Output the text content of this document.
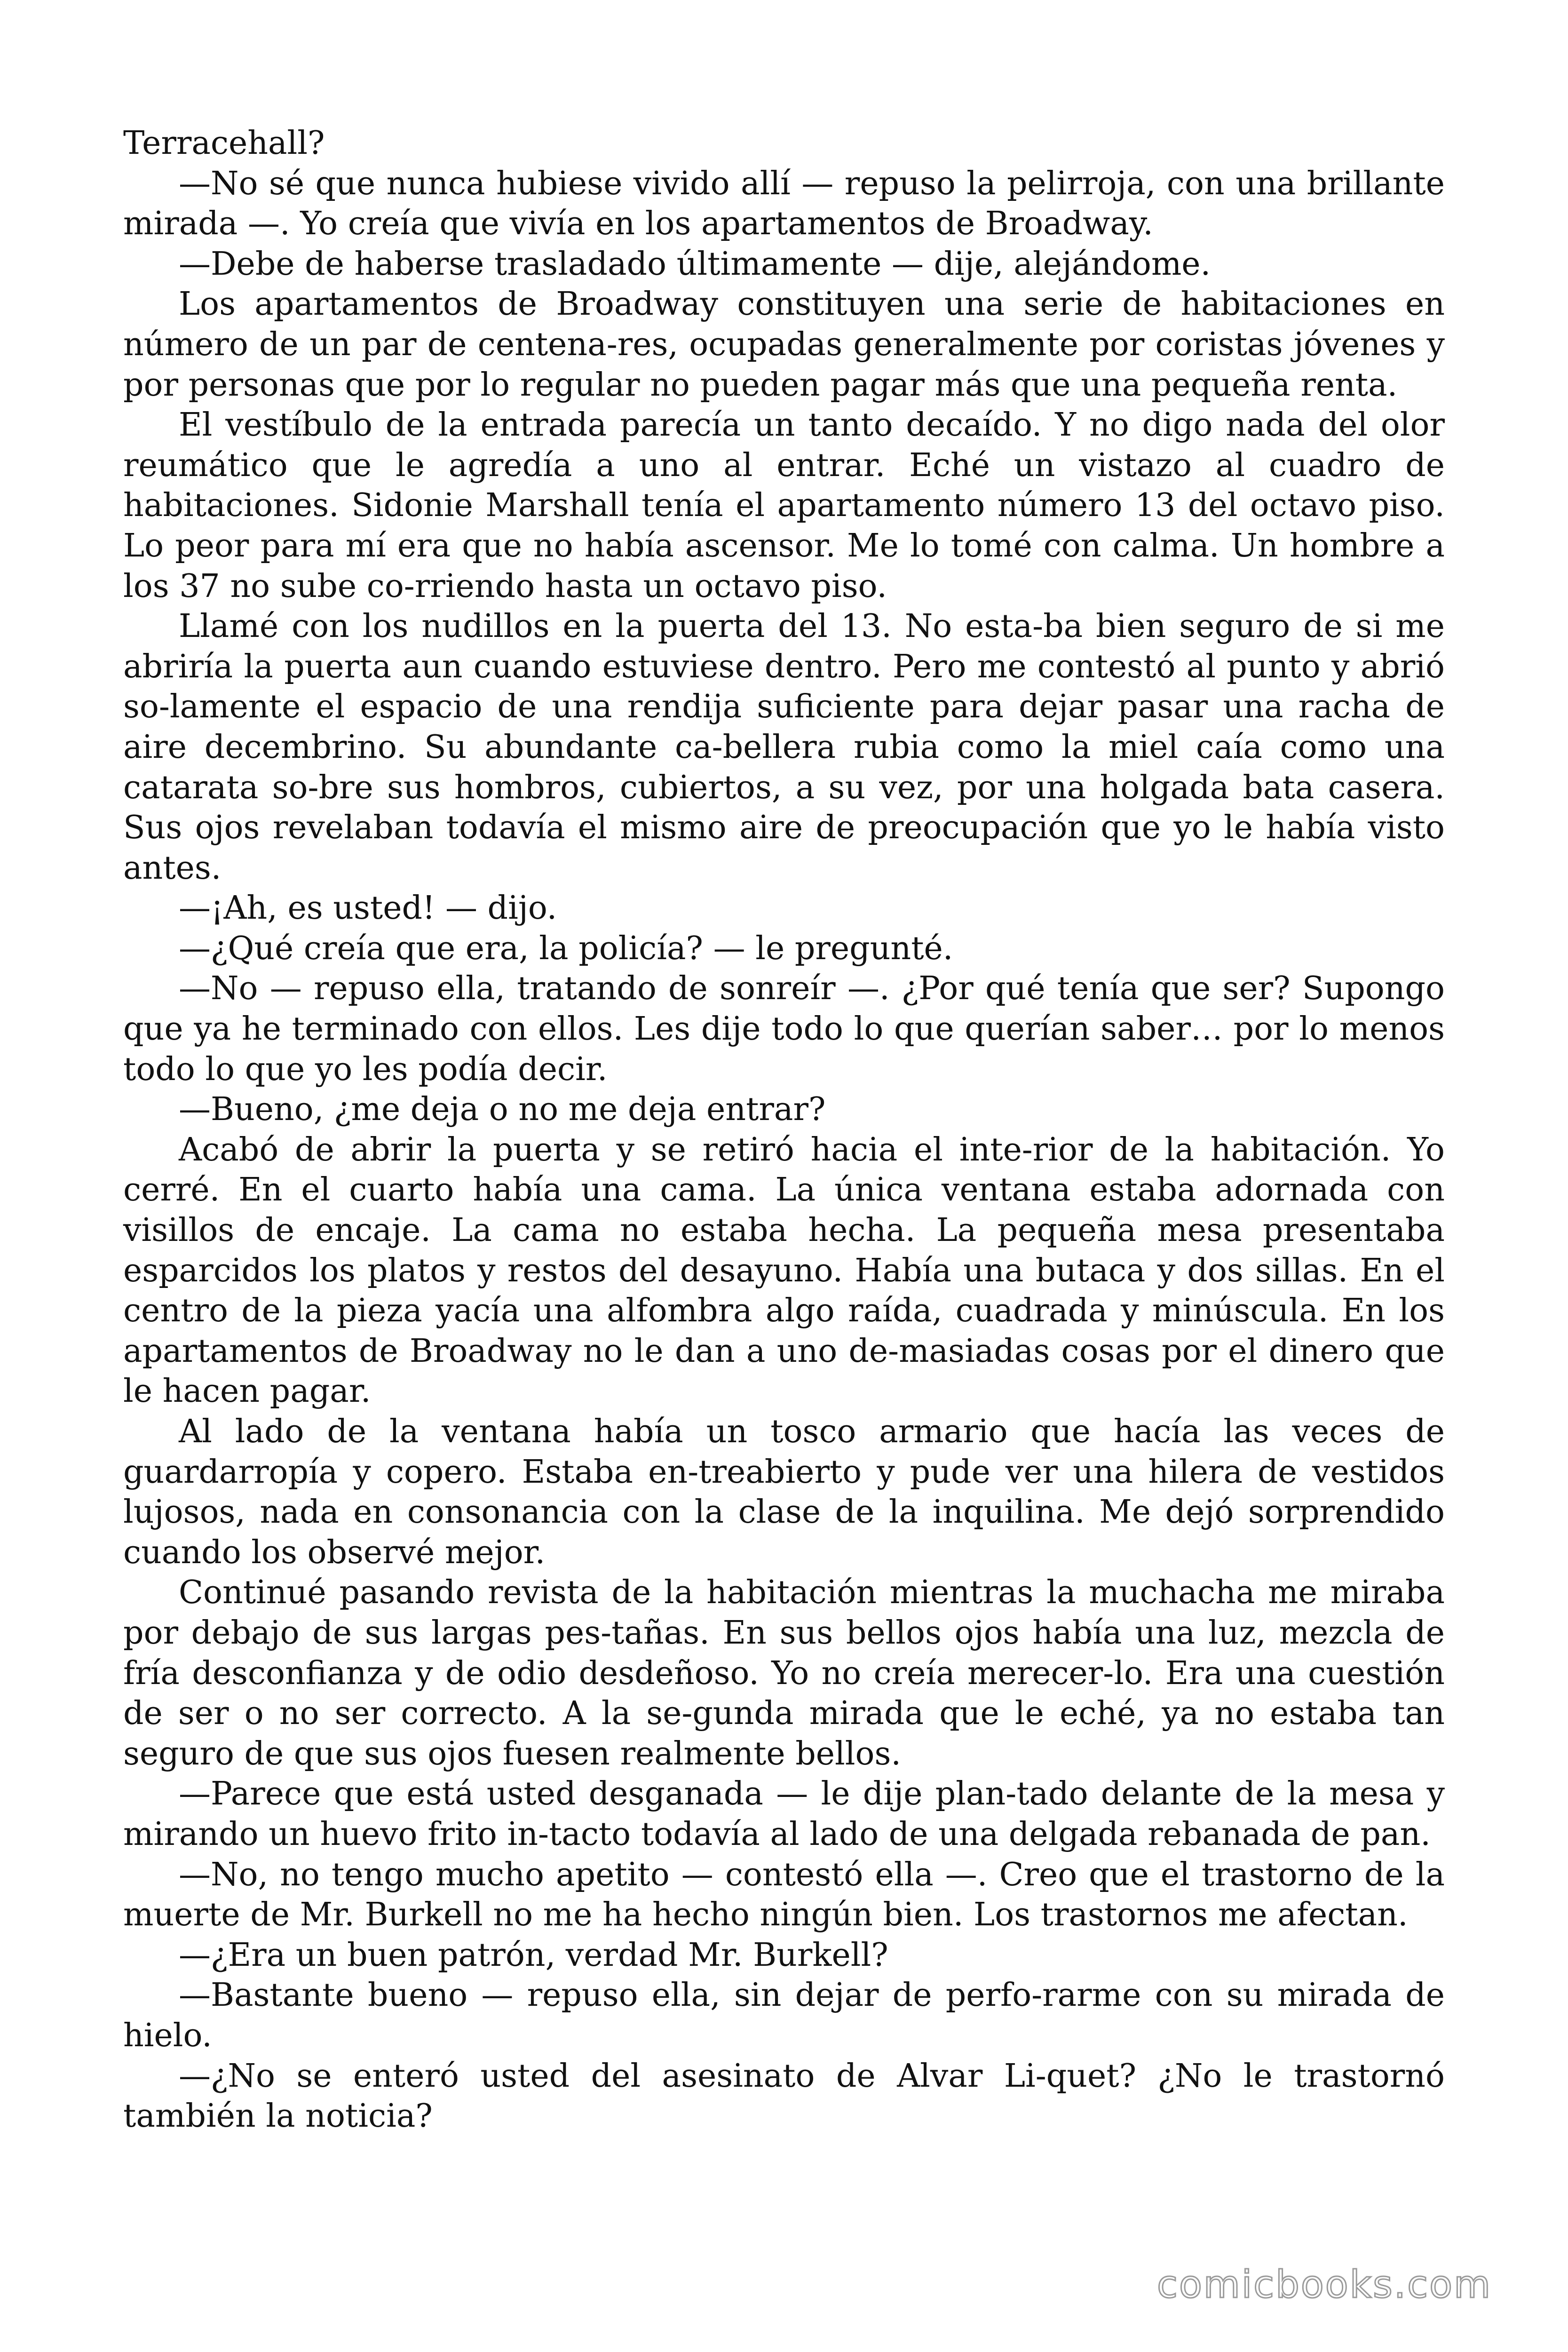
Terracehall?

—No sé que nunca hubiese vivido allí — repuso la pelirroja, con una brillante mirada —. Yo creía que vivía en los apartamentos de Broadway.

—Debe de haberse trasladado últimamente — dije, alejándome.

Los apartamentos de Broadway constituyen una serie de habitaciones en número de un par de centena-res, ocupadas generalmente por coristas jóvenes y por personas que por lo regular no pueden pagar más que una pequeña renta.

El vestíbulo de la entrada parecía un tanto decaído. Y no digo nada del olor reumático que le agredía a uno al entrar. Eché un vistazo al cuadro de habitaciones. Sidonie Marshall tenía el apartamento número 13 del octavo piso. Lo peor para mí era que no había ascensor. Me lo tomé con calma. Un hombre a los 37 no sube co-rriendo hasta un octavo piso.

Llamé con los nudillos en la puerta del 13. No esta-ba bien seguro de si me abriría la puerta aun cuando estuviese dentro. Pero me contestó al punto y abrió so-lamente el espacio de una rendija suficiente para dejar pasar una racha de aire decembrino. Su abundante ca-bellera rubia como la miel caía como una catarata so-bre sus hombros, cubiertos, a su vez, por una holgada bata casera. Sus ojos revelaban todavía el mismo aire de preocupación que yo le había visto antes.

—¡Ah, es usted! — dijo.

—¿Qué creía que era, la policía? — le pregunté.

—No — repuso ella, tratando de sonreír —. ¿Por qué tenía que ser? Supongo que ya he terminado con ellos. Les dije todo lo que querían saber… por lo menos todo lo que yo les podía decir.

—Bueno, ¿me deja o no me deja entrar?

Acabó de abrir la puerta y se retiró hacia el inte-rior de la habitación. Yo cerré. En el cuarto había una cama. La única ventana estaba adornada con visillos de encaje. La cama no estaba hecha. La pequeña mesa presentaba esparcidos los platos y restos del desayuno. Había una butaca y dos sillas. En el centro de la pieza yacía una alfombra algo raída, cuadrada y minúscula. En los apartamentos de Broadway no le dan a uno de-masiadas cosas por el dinero que le hacen pagar.

Al lado de la ventana había un tosco armario que hacía las veces de guardarropía y copero. Estaba en-treabierto y pude ver una hilera de vestidos lujosos, nada en consonancia con la clase de la inquilina. Me dejó sorprendido cuando los observé mejor.

Continué pasando revista de la habitación mientras la muchacha me miraba por debajo de sus largas pes-tañas. En sus bellos ojos había una luz, mezcla de fría desconfianza y de odio desdeñoso. Yo no creía merecer-lo. Era una cuestión de ser o no ser correcto. A la se-gunda mirada que le eché, ya no estaba tan seguro de que sus ojos fuesen realmente bellos.

—Parece que está usted desganada — le dije plan-tado delante de la mesa y mirando un huevo frito in-tacto todavía al lado de una delgada rebanada de pan.

—No, no tengo mucho apetito — contestó ella —. Creo que el trastorno de la muerte de Mr. Burkell no me ha hecho ningún bien. Los trastornos me afectan.

—¿Era un buen patrón, verdad Mr. Burkell?

—Bastante bueno — repuso ella, sin dejar de perfo-rarme con su mirada de hielo.

—¿No se enteró usted del asesinato de Alvar Li-quet? ¿No le trastornó también la noticia?

comicbooks.com
